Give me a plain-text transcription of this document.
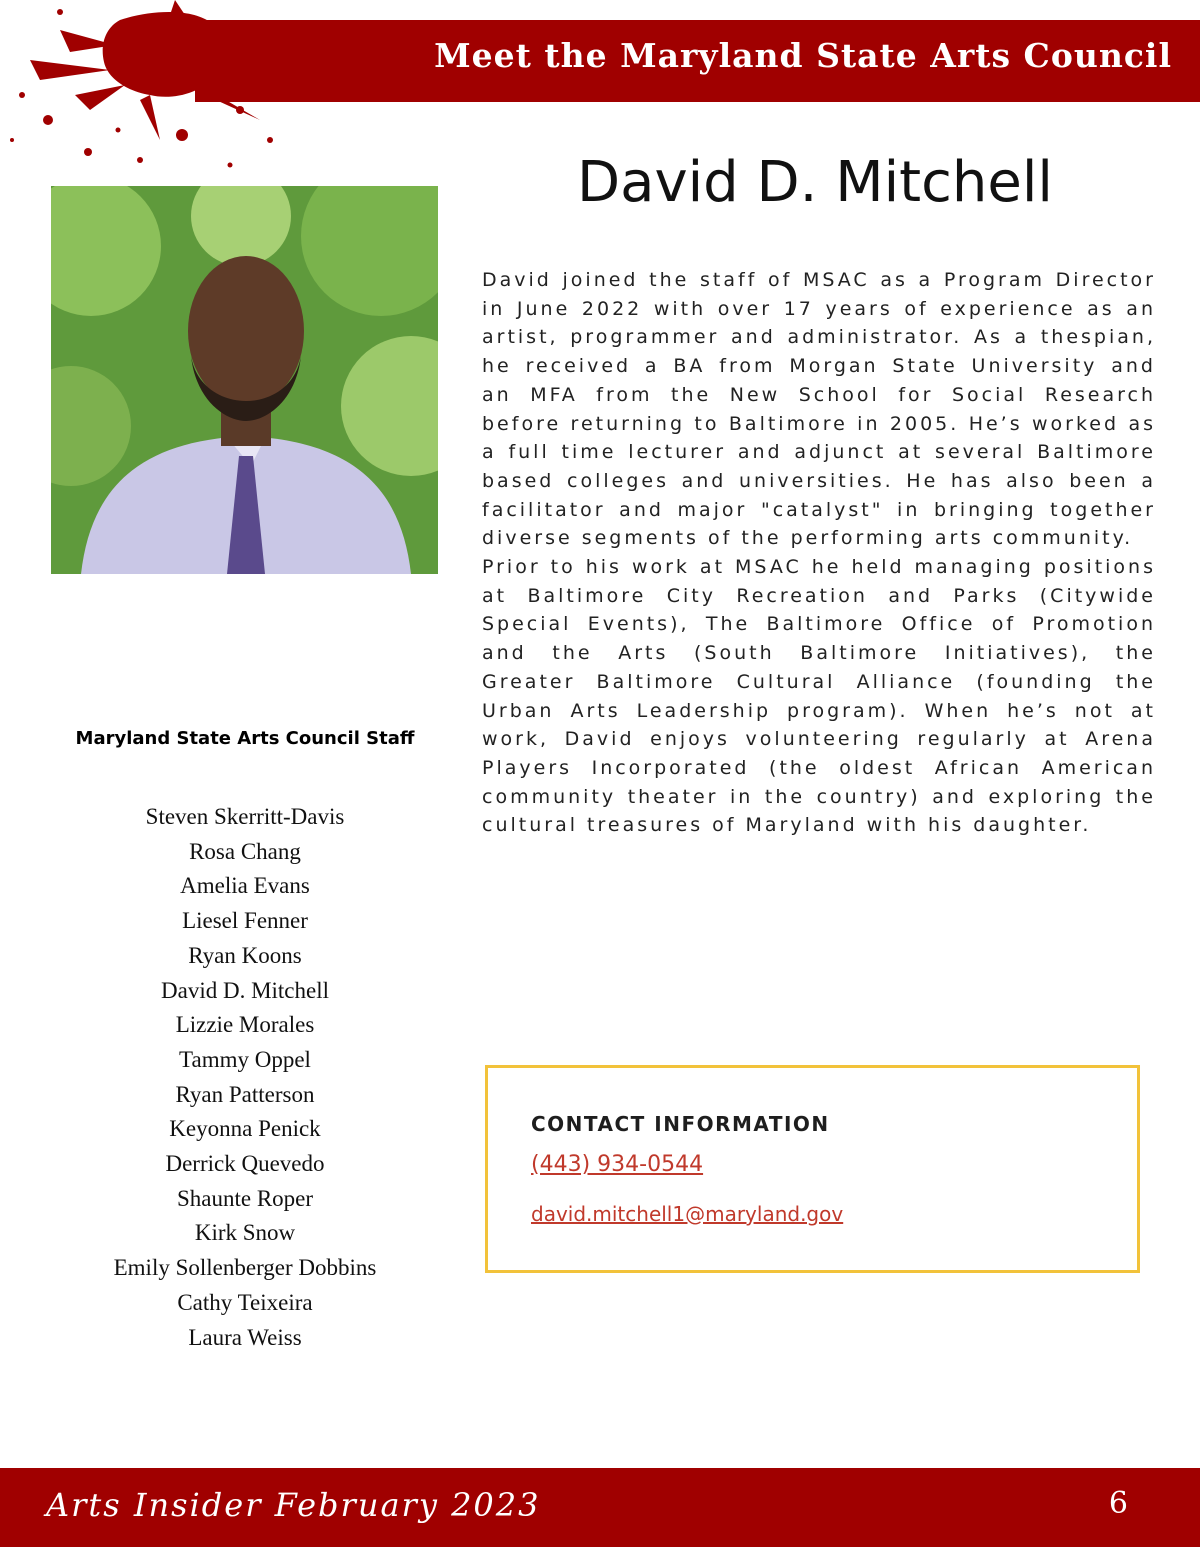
Meet the Maryland State Arts Council
David D. Mitchell

David joined the staff of MSAC as a Program Director in June 2022 with over 17 years of experience as an artist, programmer and administrator. As a thespian, he received a BA from Morgan State University and an MFA from the New School for Social Research before returning to Baltimore in 2005. He’s worked as a full time lecturer and adjunct at several Baltimore based colleges and universities. He has also been a facilitator and major "catalyst" in bringing together diverse segments of the performing arts community.

Prior to his work at MSAC he held managing positions at Baltimore City Recreation and Parks (Citywide Special Events), The Baltimore Office of Promotion and the Arts (South Baltimore Initiatives), the Greater Baltimore Cultural Alliance (founding the Urban Arts Leadership program). When he’s not at work, David enjoys volunteering regularly at Arena Players Incorporated (the oldest African American community theater in the country) and exploring the cultural treasures of Maryland with his daughter.

Maryland State Arts Council Staff
Steven Skerritt-Davis
Rosa Chang
Amelia Evans
Liesel Fenner
Ryan Koons
David D. Mitchell
Lizzie Morales
Tammy Oppel
Ryan Patterson
Keyonna Penick
Derrick Quevedo
Shaunte Roper
Kirk Snow
Emily Sollenberger Dobbins
Cathy Teixeira
Laura Weiss
CONTACT INFORMATION
(443) 934-0544
david.mitchell1@maryland.gov
Arts Insider February 2023	6
